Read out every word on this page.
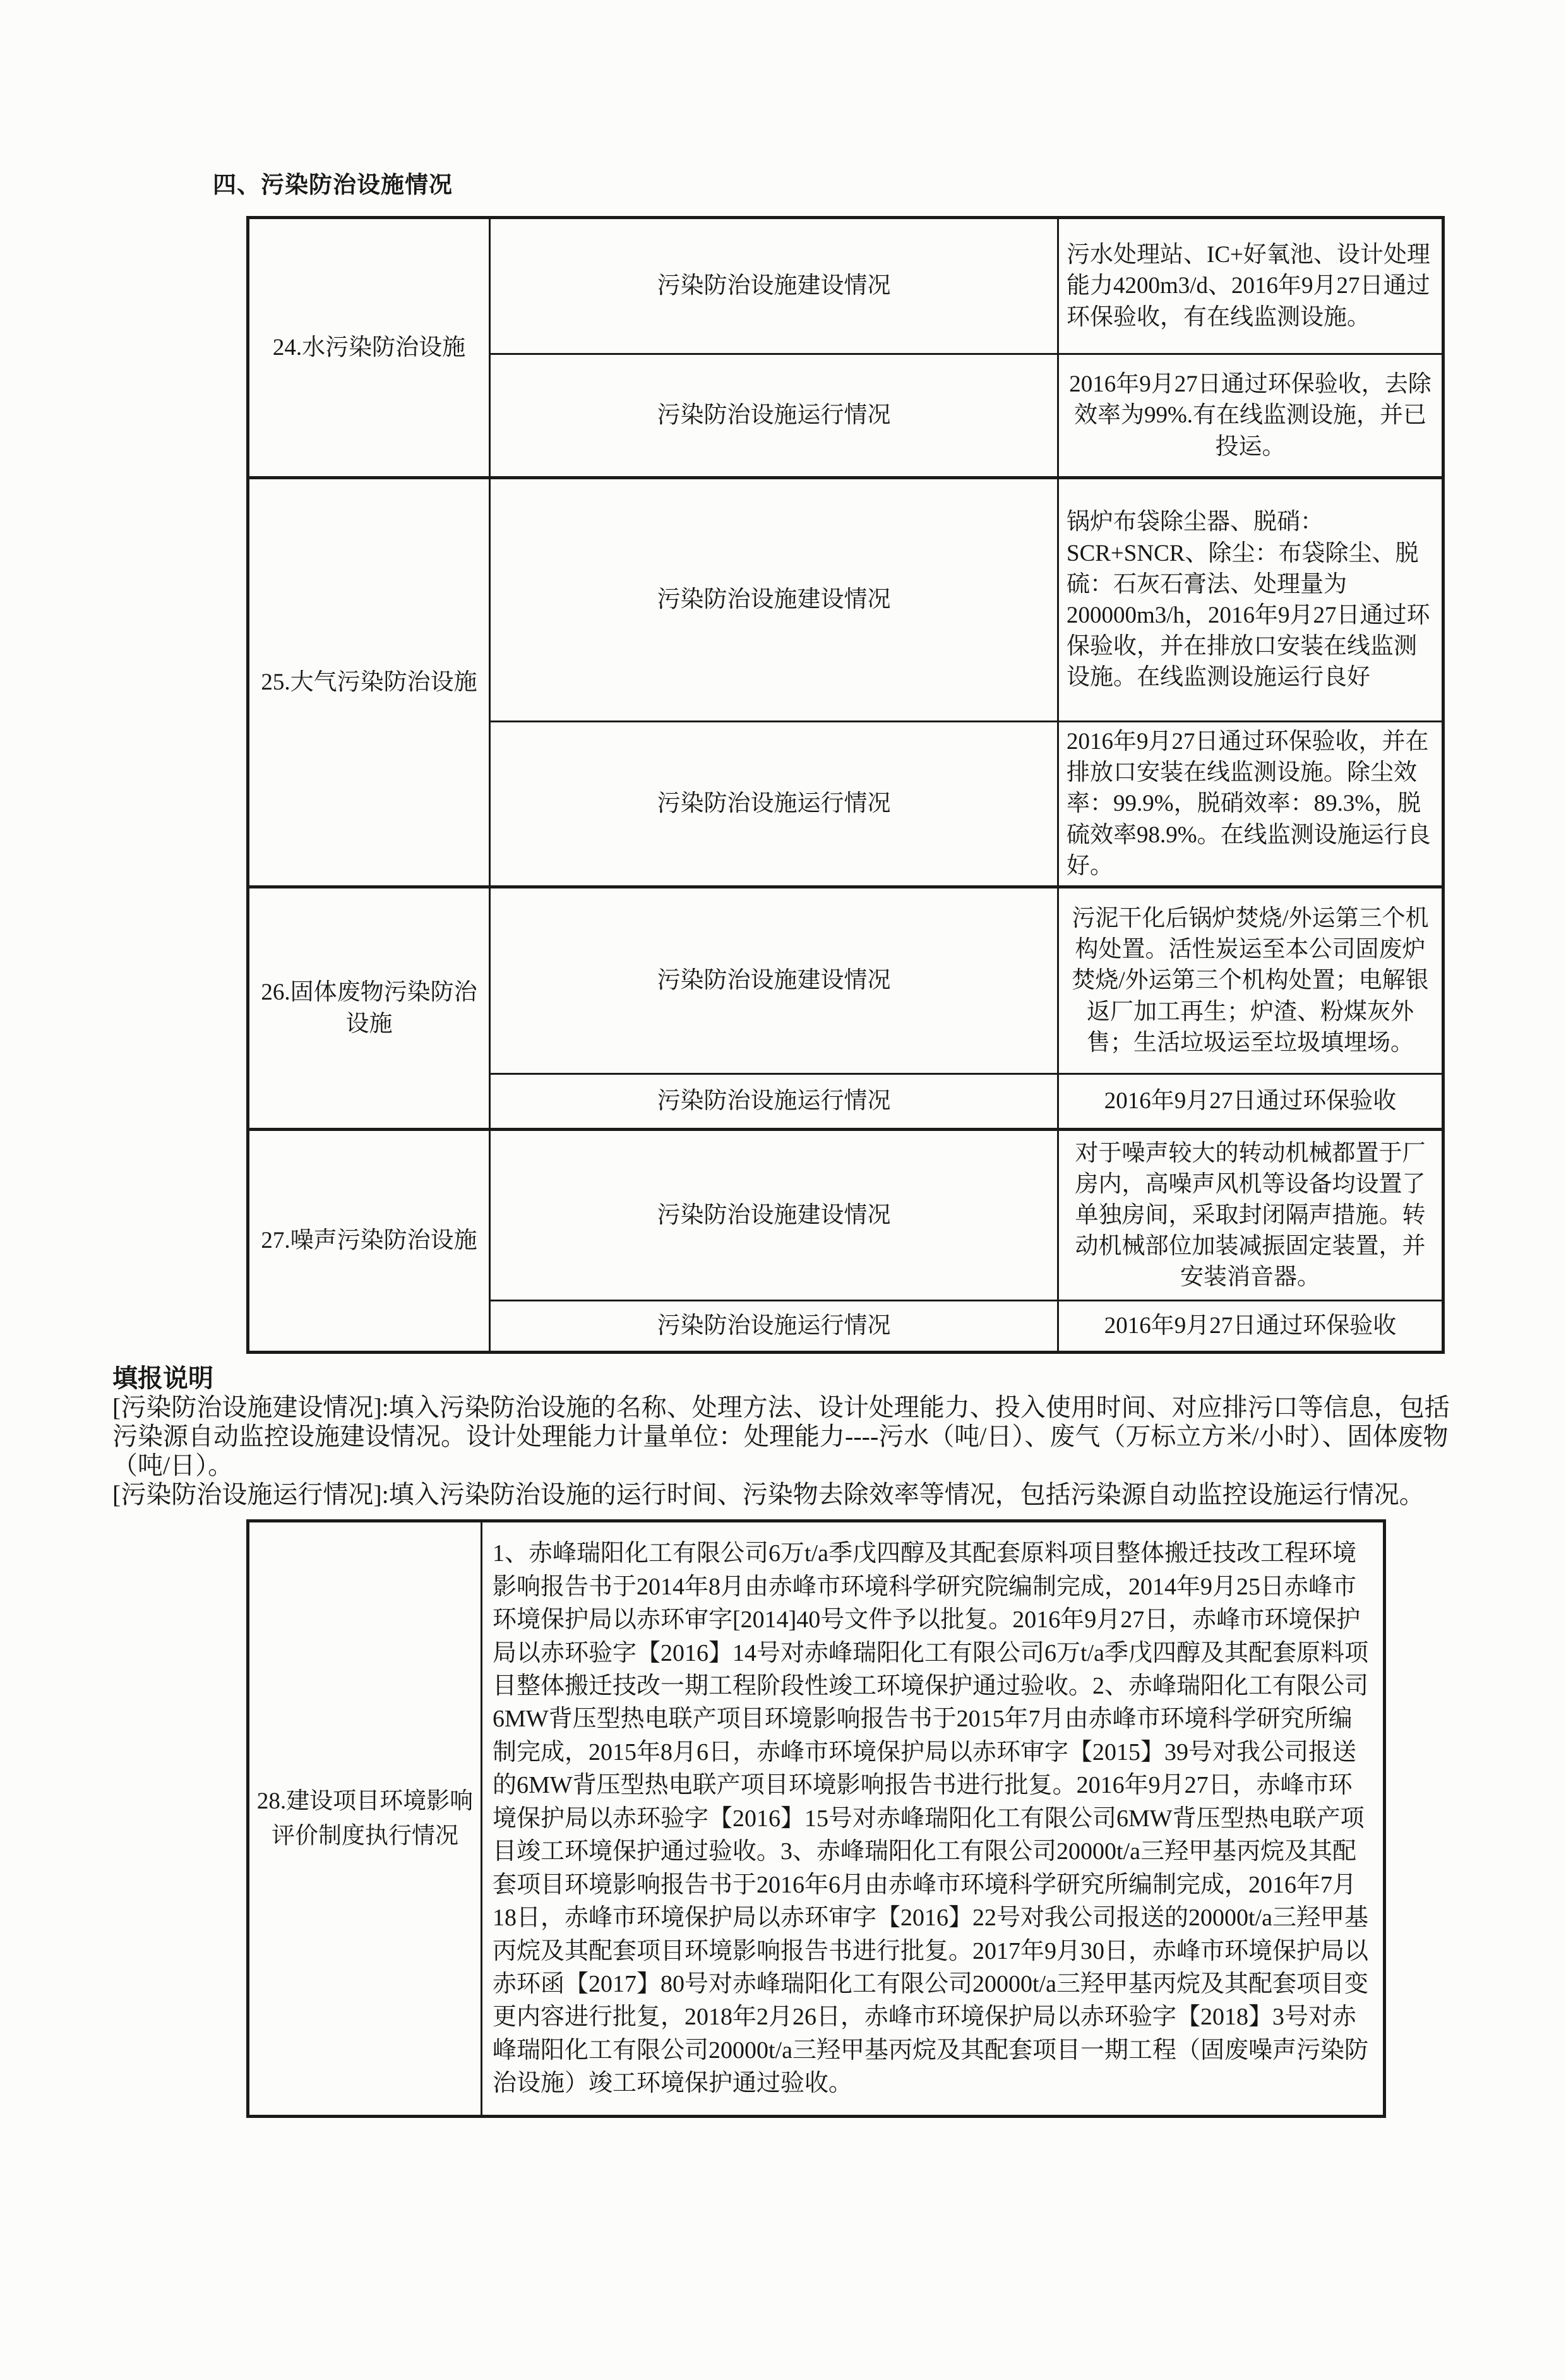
四、污染防治设施情况
24.水污染防治设施	污染防治设施建设情况	污水处理站、IC+好氧池、设计处理能力4200m3/d、2016年9月27日通过环保验收，有在线监测设施。
	污染防治设施运行情况	2016年9月27日通过环保验收，去除效率为99%.有在线监测设施，并已投运。
25.大气污染防治设施	污染防治设施建设情况	锅炉布袋除尘器、脱硝：SCR+SNCR、除尘：布袋除尘、脱硫：石灰石膏法、处理量为200000m3/h，2016年9月27日通过环保验收，并在排放口安装在线监测设施。在线监测设施运行良好

	污染防治设施运行情况	2016年9月27日通过环保验收，并在排放口安装在线监测设施。除尘效率：99.9%，脱硝效率：89.3%，脱硫效率98.9%。在线监测设施运行良好。
26.固体废物污染防治设施	污染防治设施建设情况	污泥干化后锅炉焚烧/外运第三个机构处置。活性炭运至本公司固废炉焚烧/外运第三个机构处置；电解银返厂加工再生；炉渣、粉煤灰外售；生活垃圾运至垃圾填埋场。
	污染防治设施运行情况	2016年9月27日通过环保验收
27.噪声污染防治设施	污染防治设施建设情况	对于噪声较大的转动机械都置于厂房内，高噪声风机等设备均设置了单独房间，采取封闭隔声措施。转动机械部位加装减振固定装置，并安装消音器。
	污染防治设施运行情况	2016年9月27日通过环保验收
填报说明

[污染防治设施建设情况]:填入污染防治设施的名称、处理方法、设计处理能力、投入使用时间、对应排污口等信息，包括污染源自动监控设施建设情况。设计处理能力计量单位：处理能力----污水（吨/日）、废气（万标立方米/小时）、固体废物（吨/日）。

[污染防治设施运行情况]:填入污染防治设施的运行时间、污染物去除效率等情况，包括污染源自动监控设施运行情况。

28.建设项目环境影响评价制度执行情况	1、赤峰瑞阳化工有限公司6万t/a季戊四醇及其配套原料项目整体搬迁技改工程环境影响报告书于2014年8月由赤峰市环境科学研究院编制完成，2014年9月25日赤峰市环境保护局以赤环审字[2014]40号文件予以批复。2016年9月27日，赤峰市环境保护局以赤环验字【2016】14号对赤峰瑞阳化工有限公司6万t/a季戊四醇及其配套原料项目整体搬迁技改一期工程阶段性竣工环境保护通过验收。2、赤峰瑞阳化工有限公司6MW背压型热电联产项目环境影响报告书于2015年7月由赤峰市环境科学研究所编制完成，2015年8月6日，赤峰市环境保护局以赤环审字【2015】39号对我公司报送的6MW背压型热电联产项目环境影响报告书进行批复。2016年9月27日，赤峰市环境保护局以赤环验字【2016】15号对赤峰瑞阳化工有限公司6MW背压型热电联产项目竣工环境保护通过验收。3、赤峰瑞阳化工有限公司20000t/a三羟甲基丙烷及其配套项目环境影响报告书于2016年6月由赤峰市环境科学研究所编制完成，2016年7月18日，赤峰市环境保护局以赤环审字【2016】22号对我公司报送的20000t/a三羟甲基丙烷及其配套项目环境影响报告书进行批复。2017年9月30日，赤峰市环境保护局以赤环函【2017】80号对赤峰瑞阳化工有限公司20000t/a三羟甲基丙烷及其配套项目变更内容进行批复，2018年2月26日，赤峰市环境保护局以赤环验字【2018】3号对赤峰瑞阳化工有限公司20000t/a三羟甲基丙烷及其配套项目一期工程（固废噪声污染防治设施）竣工环境保护通过验收。
